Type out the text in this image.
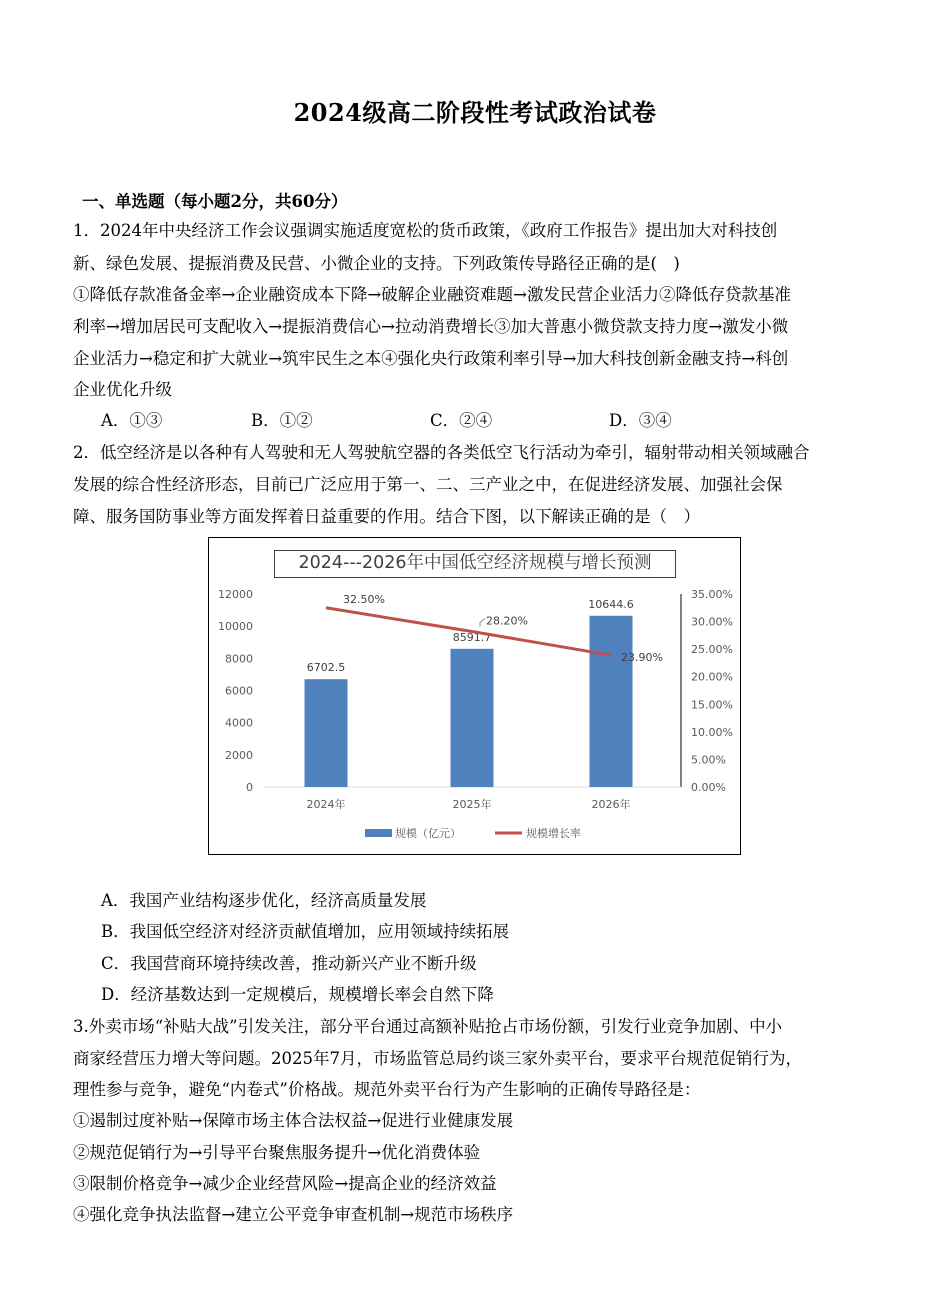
2024级高二阶段性考试政治试卷
一、单选题（每小题2分，共60分）
1．2024年中央经济工作会议强调实施适度宽松的货币政策，《政府工作报告》提出加大对科技创
新、绿色发展、提振消费及民营、小微企业的支持。下列政策传导路径正确的是(　)
①降低存款准备金率→企业融资成本下降→破解企业融资难题→激发民营企业活力②降低存贷款基准
利率→增加居民可支配收入→提振消费信心→拉动消费增长③加大普惠小微贷款支持力度→激发小微
企业活力→稳定和扩大就业→筑牢民生之本④强化央行政策利率引导→加大科技创新金融支持→科创
企业优化升级
A．①③	B．①②	C．②④	D．③④
2．低空经济是以各种有人驾驶和无人驾驶航空器的各类低空飞行活动为牵引，辐射带动相关领域融合
发展的综合性经济形态，目前已广泛应用于第一、二、三产业之中，在促进经济发展、加强社会保
障、服务国防事业等方面发挥着日益重要的作用。结合下图，以下解读正确的是（　）
2024---2026年中国低空经济规模与增长预测
0
2000
4000
6000
8000
10000
12000
0.00%
5.00%
10.00%
15.00%
20.00%
25.00%
30.00%
35.00%
6702.5
8591.7
10644.6
2024年	2025年	2026年
32.50%
28.20%
23.90%
规模（亿元）	规模增长率
A．我国产业结构逐步优化，经济高质量发展
B．我国低空经济对经济贡献值增加，应用领域持续拓展
C．我国营商环境持续改善，推动新兴产业不断升级
D．经济基数达到一定规模后，规模增长率会自然下降
3.外卖市场“补贴大战”引发关注，部分平台通过高额补贴抢占市场份额，引发行业竞争加剧、中小
商家经营压力增大等问题。2025年7月，市场监管总局约谈三家外卖平台，要求平台规范促销行为，
理性参与竞争，避免“内卷式”价格战。规范外卖平台行为产生影响的正确传导路径是：
①遏制过度补贴→保障市场主体合法权益→促进行业健康发展
②规范促销行为→引导平台聚焦服务提升→优化消费体验
③限制价格竞争→减少企业经营风险→提高企业的经济效益
④强化竞争执法监督→建立公平竞争审查机制→规范市场秩序
